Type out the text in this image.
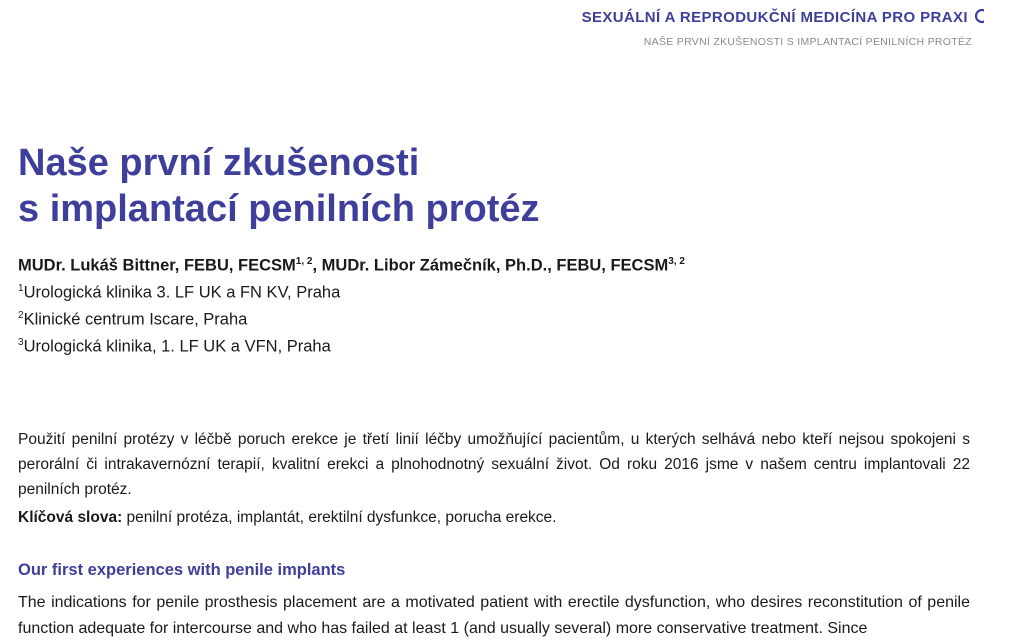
SEXUÁLNÍ A REPRODUKČNÍ MEDICÍNA PRO PRAXI
NAŠE PRVNÍ ZKUŠENOSTI S IMPLANTACÍ PENILNÍCH PROTÉZ
Naše první zkušenosti
s implantací penilních protéz
MUDr. Lukáš Bittner, FEBU, FECSM$^{1, 2}$, MUDr. Libor Zámečník, Ph.D., FEBU, FECSM$^{3, 2}$
$^1$Urologická klinika 3. LF UK a FN KV, Praha
$^2$Klinické centrum Iscare, Praha
$^3$Urologická klinika, 1. LF UK a VFN, Praha

Použití penilní protézy v léčbě poruch erekce je třetí linií léčby umožňující pacientům, u kterých selhává nebo kteří nejsou spokojeni s perorální či intrakavernózní terapií, kvalitní erekci a plnohodnotný sexuální život. Od roku 2016 jsme v našem centru implantovali 22 penilních protéz.

Klíčová slova: penilní protéza, implantát, erektilní dysfunkce, porucha erekce.
Our first experiences with penile implants

The indications for penile prosthesis placement are a motivated patient with erectile dysfunction, who desires reconstitution of penile function adequate for intercourse and who has failed at least 1 (and usually several) more conservative treatment. Since
